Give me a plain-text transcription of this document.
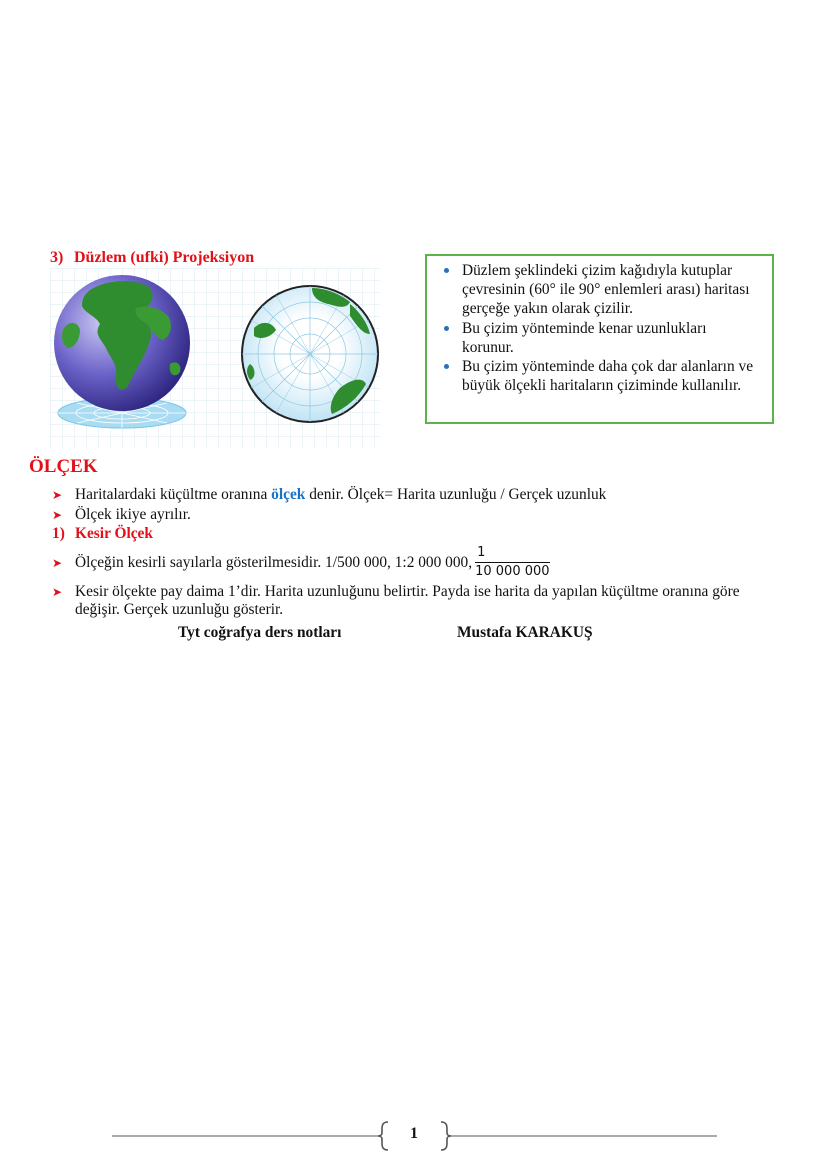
3) Düzlem (ufki) Projeksiyon
Düzlem şeklindeki çizim kağıdıyla kutuplar çevresinin (60° ile 90° enlemleri arası) haritası gerçeğe yakın olarak çizilir.
Bu çizim yönteminde kenar uzunlukları korunur.
Bu çizim yönteminde daha çok dar alanların ve büyük ölçekli haritaların çiziminde kullanılır.
ÖLÇEK
➤ Haritalardaki küçültme oranına ölçek denir. Ölçek= Harita uzunluğu / Gerçek uzunluk
➤ Ölçek ikiye ayrılır.
1) Kesir Ölçek
➤ Ölçeğin kesirli sayılarla gösterilmesidir. 1/500 000, 1:2 000 000, $\frac{1}{10 000 000}$
➤ Kesir ölçekte pay daima 1’dir. Harita uzunluğunu belirtir. Payda ise harita da yapılan küçültme oranına göre değişir. Gerçek uzunluğu gösterir.
Tyt coğrafya ders notları	Mustafa KARAKUŞ
1
